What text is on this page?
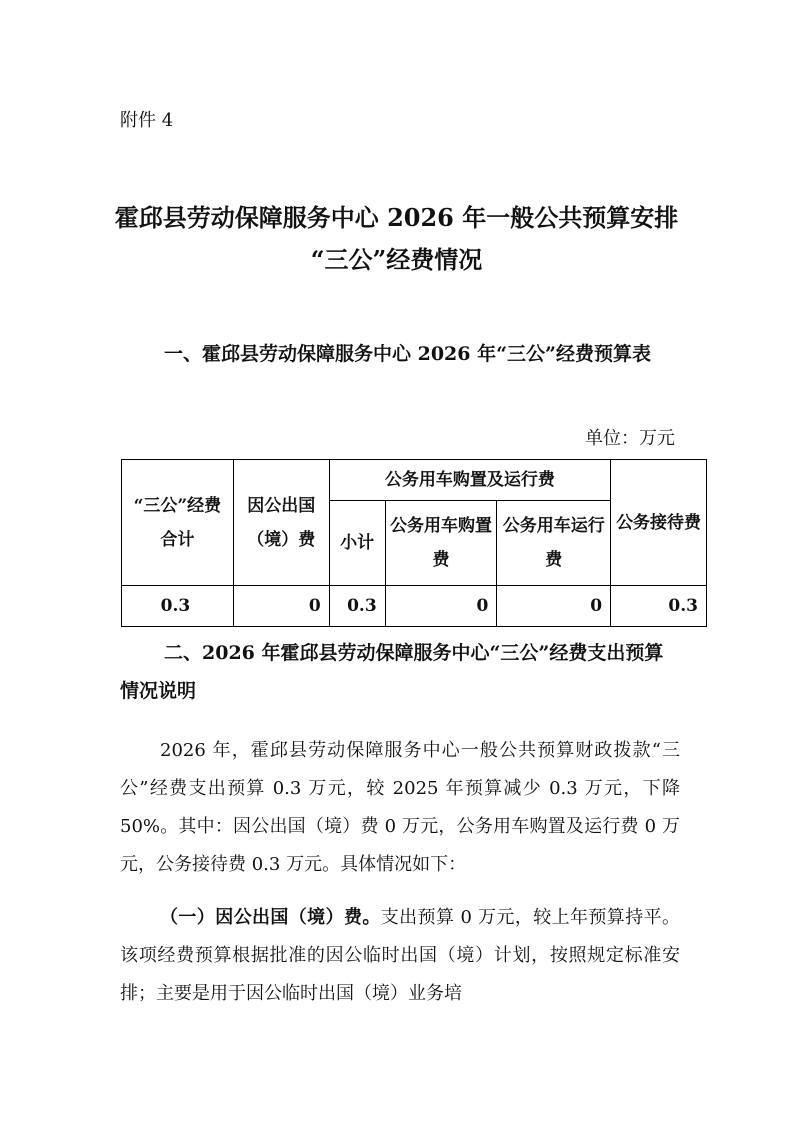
附件 4
霍邱县劳动保障服务中心 2026 年一般公共预算安排
“三公”经费情况
一、霍邱县劳动保障服务中心 2026 年“三公”经费预算表
单位：万元
“三公”经费合计	因公出国（境）费	公务用车购置及运行费			公务接待费
		小计	公务用车购置费	公务用车运行费	
0.3	0	0.3	0	0	0.3
二、2026 年霍邱县劳动保障服务中心“三公”经费支出预算情况说明
2026 年，霍邱县劳动保障服务中心一般公共预算财政拨款“三公”经费支出预算 0.3 万元，较 2025 年预算减少 0.3 万元，下降 50%。其中：因公出国（境）费 0 万元，公务用车购置及运行费 0 万元，公务接待费 0.3 万元。具体情况如下：
（一）因公出国（境）费。支出预算 0 万元，较上年预算持平。该项经费预算根据批准的因公临时出国（境）计划，按照规定标准安排；主要是用于因公临时出国（境）业务培
